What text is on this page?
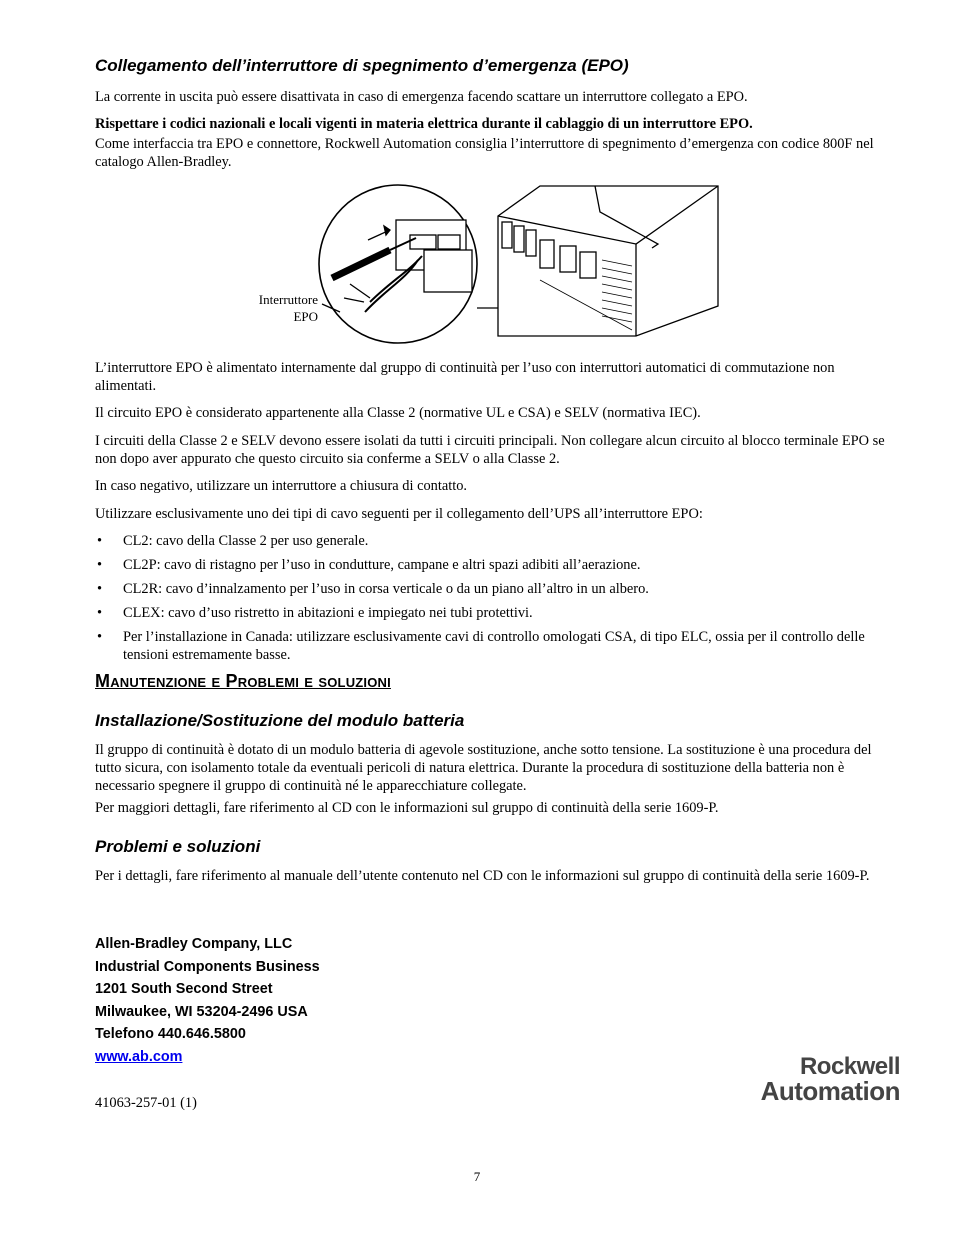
Collegamento dell’interruttore di spegnimento d’emergenza (EPO)

La corrente in uscita può essere disattivata in caso di emergenza facendo scattare un interruttore collegato a EPO.

Rispettare i codici nazionali e locali vigenti in materia elettrica durante il cablaggio di un interruttore EPO.

Come interfaccia tra EPO e connettore, Rockwell Automation consiglia l’interruttore di spegnimento d’emergenza con codice 800F nel catalogo Allen-Bradley.

Interruttore
EPO

L’interruttore EPO è alimentato internamente dal gruppo di continuità per l’uso con interruttori automatici di commutazione non alimentati.

Il circuito EPO è considerato appartenente alla Classe 2 (normative UL e CSA) e SELV (normativa IEC).

I circuiti della Classe 2 e SELV devono essere isolati da tutti i circuiti principali. Non collegare alcun circuito al blocco terminale EPO se non dopo aver appurato che questo circuito sia conferme a SELV o alla Classe 2.

In caso negativo, utilizzare un interruttore a chiusura di contatto.

Utilizzare esclusivamente uno dei tipi di cavo seguenti per il collegamento dell’UPS all’interruttore EPO:

• CL2: cavo della Classe 2 per uso generale.
• CL2P: cavo di ristagno per l’uso in condutture, campane e altri spazi adibiti all’aerazione.
• CL2R: cavo d’innalzamento per l’uso in corsa verticale o da un piano all’altro in un albero.
• CLEX: cavo d’uso ristretto in abitazioni e impiegato nei tubi protettivi.
• Per l’installazione in Canada: utilizzare esclusivamente cavi di controllo omologati CSA, di tipo ELC, ossia per il controllo delle tensioni estremamente basse.
Manutenzione e Problemi e soluzioni
Installazione/Sostituzione del modulo batteria

Il gruppo di continuità è dotato di un modulo batteria di agevole sostituzione, anche sotto tensione. La sostituzione è una procedura del tutto sicura, con isolamento totale da eventuali pericoli di natura elettrica. Durante la procedura di sostituzione della batteria non è necessario spegnere il gruppo di continuità né le apparecchiature collegate.

Per maggiori dettagli, fare riferimento al CD con le informazioni sul gruppo di continuità della serie 1609-P.

Problemi e soluzioni

Per i dettagli, fare riferimento al manuale dell’utente contenuto nel CD con le informazioni sul gruppo di continuità della serie 1609-P.

Allen-Bradley Company, LLC
Industrial Components Business
1201 South Second Street
Milwaukee, WI 53204-2496 USA
Telefono 440.646.5800
www.ab.com

41063-257-01 (1)

Rockwell
Automation

7
